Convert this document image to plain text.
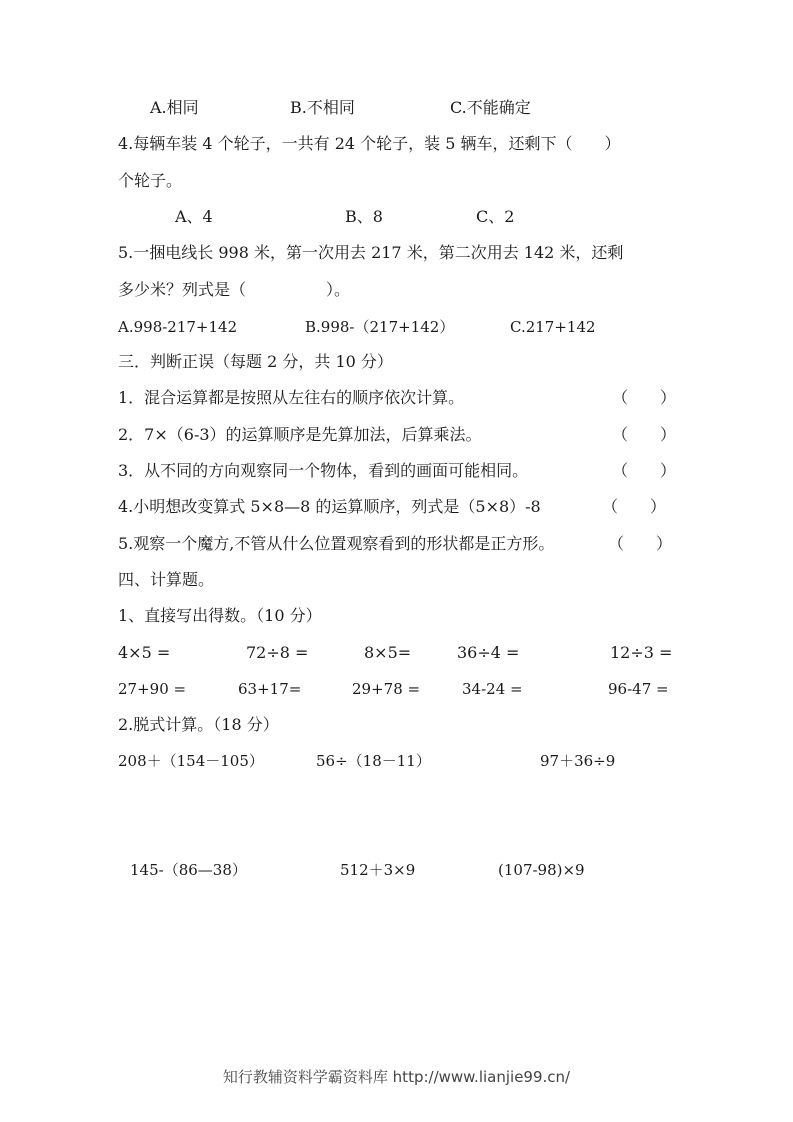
A.相同	B.不相同	C.不能确定
4.每辆车装 4 个轮子，一共有 24 个轮子，装 5 辆车，还剩下（　　）
个轮子。
A、4	B、8	C、2
5.一捆电线长 998 米，第一次用去 217 米，第二次用去 142 米，还剩
多少米？列式是（　　　　　）。
A.998-217+142	B.998-（217+142）	C.217+142
三．判断正误（每题 2 分，共 10 分）
1．混合运算都是按照从左往右的顺序依次计算。	（　　）
2．7×（6-3）的运算顺序是先算加法，后算乘法。	（　　）
3．从不同的方向观察同一个物体，看到的画面可能相同。	（　　）
4.小明想改变算式 5×8—8 的运算顺序，列式是（5×8）-8	（　　）
5.观察一个魔方,不管从什么位置观察看到的形状都是正方形。	（　　）
四、计算题。
1、直接写出得数。（10 分）
4×5 =	72÷8 =	8×5=	36÷4 =	12÷3 =
27+90 =	63+17=	29+78 =	34-24 =	96-47 =
2.脱式计算。（18 分）
208＋（154－105）	56÷（18－11）	97＋36÷9
145-（86—38）	512＋3×9	(107-98)×9
知行教辅资料学霸资料库 http://www.lianjie99.cn/
